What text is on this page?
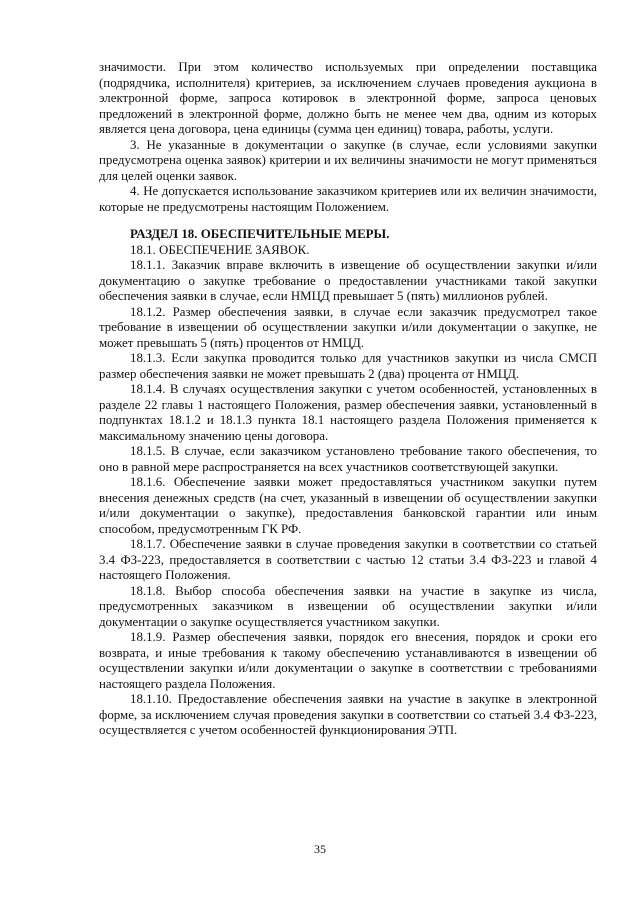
значимости. При этом количество используемых при определении поставщика (подрядчика, исполнителя) критериев, за исключением случаев проведения аукциона в электронной форме, запроса котировок в электронной форме, запроса ценовых предложений в электронной форме, должно быть не менее чем два, одним из которых является цена договора, цена единицы (сумма цен единиц) товара, работы, услуги.

3. Не указанные в документации о закупке (в случае, если условиями закупки предусмотрена оценка заявок) критерии и их величины значимости не могут применяться для целей оценки заявок.

4. Не допускается использование заказчиком критериев или их величин значимости, которые не предусмотрены настоящим Положением.

РАЗДЕЛ 18. ОБЕСПЕЧИТЕЛЬНЫЕ МЕРЫ.

18.1. ОБЕСПЕЧЕНИЕ ЗАЯВОК.

18.1.1. Заказчик вправе включить в извещение об осуществлении закупки и/или документацию о закупке требование о предоставлении участниками такой закупки обеспечения заявки в случае, если НМЦД превышает 5 (пять) миллионов рублей.

18.1.2. Размер обеспечения заявки, в случае если заказчик предусмотрел такое требование в извещении об осуществлении закупки и/или документации о закупке, не может превышать 5 (пять) процентов от НМЦД.

18.1.3. Если закупка проводится только для участников закупки из числа СМСП размер обеспечения заявки не может превышать 2 (два) процента от НМЦД.

18.1.4. В случаях осуществления закупки с учетом особенностей, установленных в разделе 22 главы 1 настоящего Положения, размер обеспечения заявки, установленный в подпунктах 18.1.2 и 18.1.3 пункта 18.1 настоящего раздела Положения применяется к максимальному значению цены договора.

18.1.5. В случае, если заказчиком установлено требование такого обеспечения, то оно в равной мере распространяется на всех участников соответствующей закупки.

18.1.6. Обеспечение заявки может предоставляться участником закупки путем внесения денежных средств (на счет, указанный в извещении об осуществлении закупки и/или документации о закупке), предоставления банковской гарантии или иным способом, предусмотренным ГК РФ.

18.1.7. Обеспечение заявки в случае проведения закупки в соответствии со статьей 3.4 ФЗ-223, предоставляется в соответствии с частью 12 статьи 3.4 ФЗ-223 и главой 4 настоящего Положения.

18.1.8. Выбор способа обеспечения заявки на участие в закупке из числа, предусмотренных заказчиком в извещении об осуществлении закупки и/или документации о закупке осуществляется участником закупки.

18.1.9. Размер обеспечения заявки, порядок его внесения, порядок и сроки его возврата, и иные требования к такому обеспечению устанавливаются в извещении об осуществлении закупки и/или документации о закупке в соответствии с требованиями настоящего раздела Положения.

18.1.10. Предоставление обеспечения заявки на участие в закупке в электронной форме, за исключением случая проведения закупки в соответствии со статьей 3.4 ФЗ-223, осуществляется с учетом особенностей функционирования ЭТП.

35
